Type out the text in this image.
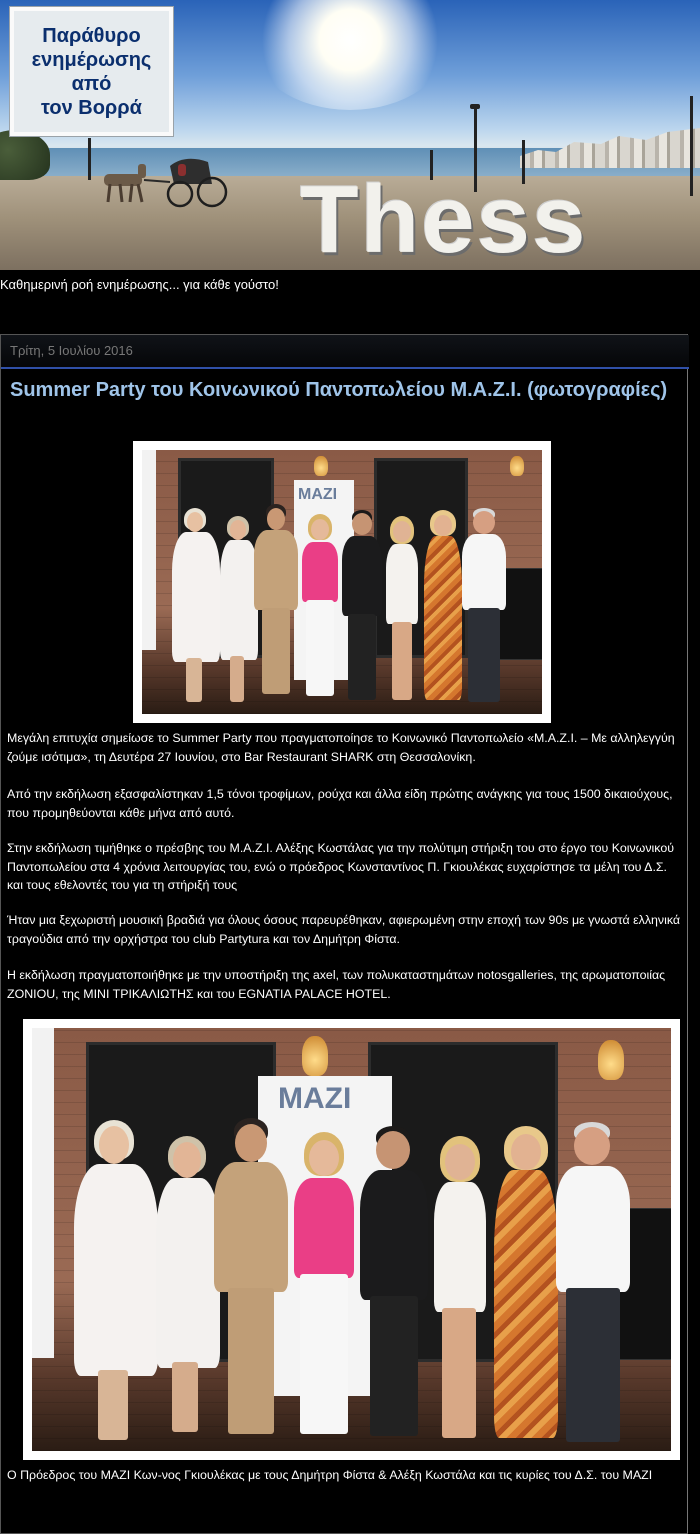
Thess
Παράθυρο
ενημέρωσης
από
τον Βορρά
Καθημερινή ροή ενημέρωσης... για κάθε γούστο!
Τρίτη, 5 Ιουλίου 2016
Summer Party του Κοινωνικού Παντοπωλείου Μ.Α.Ζ.Ι. (φωτογραφίες)
MAZI
Μεγάλη επιτυχία σημείωσε το Summer Party που πραγματοποίησε το Κοινωνικό Παντοπωλείο «Μ.Α.Ζ.Ι. – Με αλληλεγγύη ζούμε ισότιμα», τη Δευτέρα 27 Ιουνίου, στο Bar Restaurant SHARK στη Θεσσαλονίκη.
Από την εκδήλωση εξασφαλίστηκαν 1,5 τόνοι τροφίμων, ρούχα και άλλα είδη πρώτης ανάγκης για τους 1500 δικαιούχους, που προμηθεύονται κάθε μήνα από αυτό.
Στην εκδήλωση τιμήθηκε ο πρέσβης του Μ.Α.Ζ.Ι. Αλέξης Κωστάλας για την πολύτιμη στήριξη του στο έργο του Κοινωνικού Παντοπωλείου στα 4 χρόνια λειτουργίας του, ενώ ο πρόεδρος Κωνσταντίνος Π. Γκιουλέκας ευχαρίστησε τα μέλη του Δ.Σ. και τους εθελοντές του για τη στήριξή τους
Ήταν μια ξεχωριστή μουσική βραδιά για όλους όσους παρευρέθηκαν, αφιερωμένη στην εποχή των 90s με γνωστά ελληνικά τραγούδια από την ορχήστρα του club Partytura και τον Δημήτρη Φίστα.
Η εκδήλωση πραγματοποιήθηκε με την υποστήριξη της axel, των πολυκαταστημάτων notosgalleries, της αρωματοποιίας ΖΟΝΙΟU, της ΜΙΝΙ ΤΡΙΚΑΛΙΩΤΗΣ και του EGNATIA PALACE HOTEL.
MAZI
Ο Πρόεδρος του ΜΑΖΙ Κων-νος Γκιουλέκας με τους Δημήτρη Φίστα & Αλέξη Κωστάλα και τις κυρίες του Δ.Σ. του ΜΑΖΙ
